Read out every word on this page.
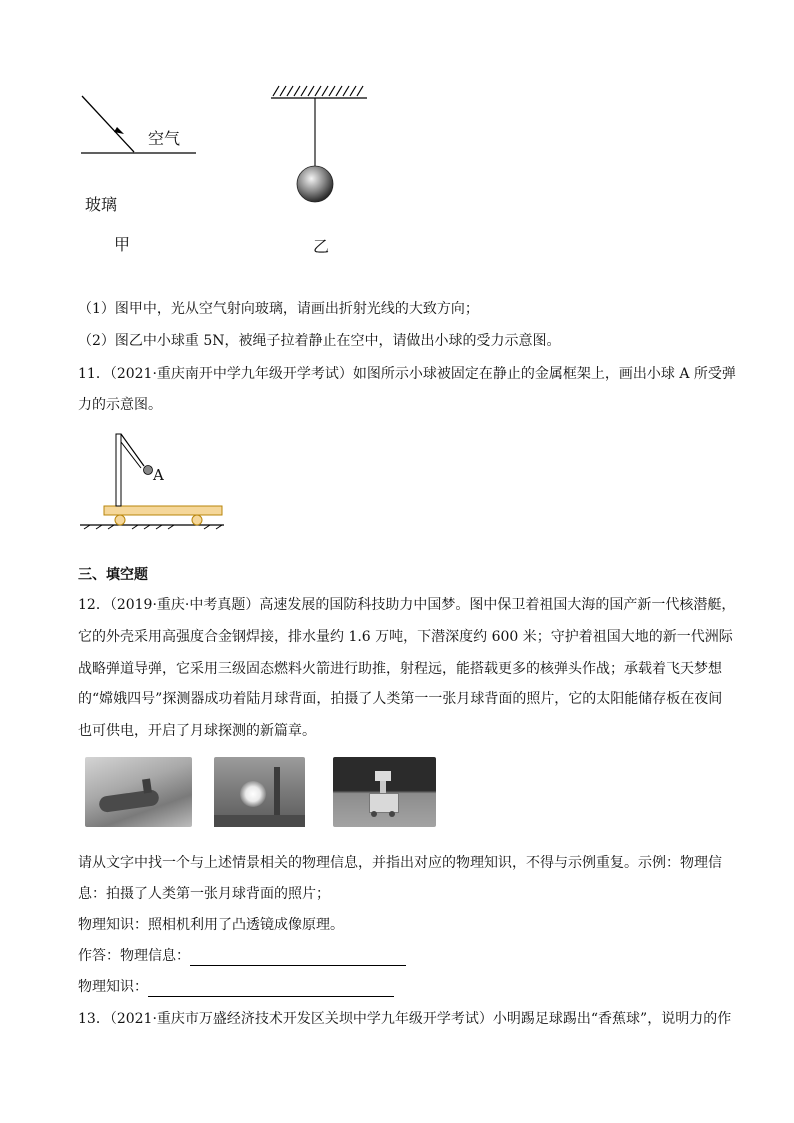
空气
玻璃
甲	乙
（1）图甲中，光从空气射向玻璃，请画出折射光线的大致方向；
（2）图乙中小球重 5N，被绳子拉着静止在空中，请做出小球的受力示意图。
11．（2021·重庆南开中学九年级开学考试）如图所示小球被固定在静止的金属框架上，画出小球 A 所受弹
力的示意图。
A
三、填空题
12．（2019·重庆·中考真题）高速发展的国防科技助力中国梦。图中保卫着祖国大海的国产新一代核潜艇，
它的外壳采用高强度合金钢焊接，排水量约 1.6 万吨，下潜深度约 600 米；守护着祖国大地的新一代洲际
战略弹道导弹，它采用三级固态燃料火箭进行助推，射程远，能搭载更多的核弹头作战；承载着飞天梦想
的“嫦娥四号”探测器成功着陆月球背面，拍摄了人类第一一张月球背面的照片，它的太阳能储存板在夜间
也可供电，开启了月球探测的新篇章。
请从文字中找一个与上述情景相关的物理信息，并指出对应的物理知识，不得与示例重复。示例：物理信
息：拍摄了人类第一张月球背面的照片；
物理知识：照相机利用了凸透镜成像原理。
作答：物理信息：
物理知识：
13．（2021·重庆市万盛经济技术开发区关坝中学九年级开学考试）小明踢足球踢出“香蕉球”，说明力的作
